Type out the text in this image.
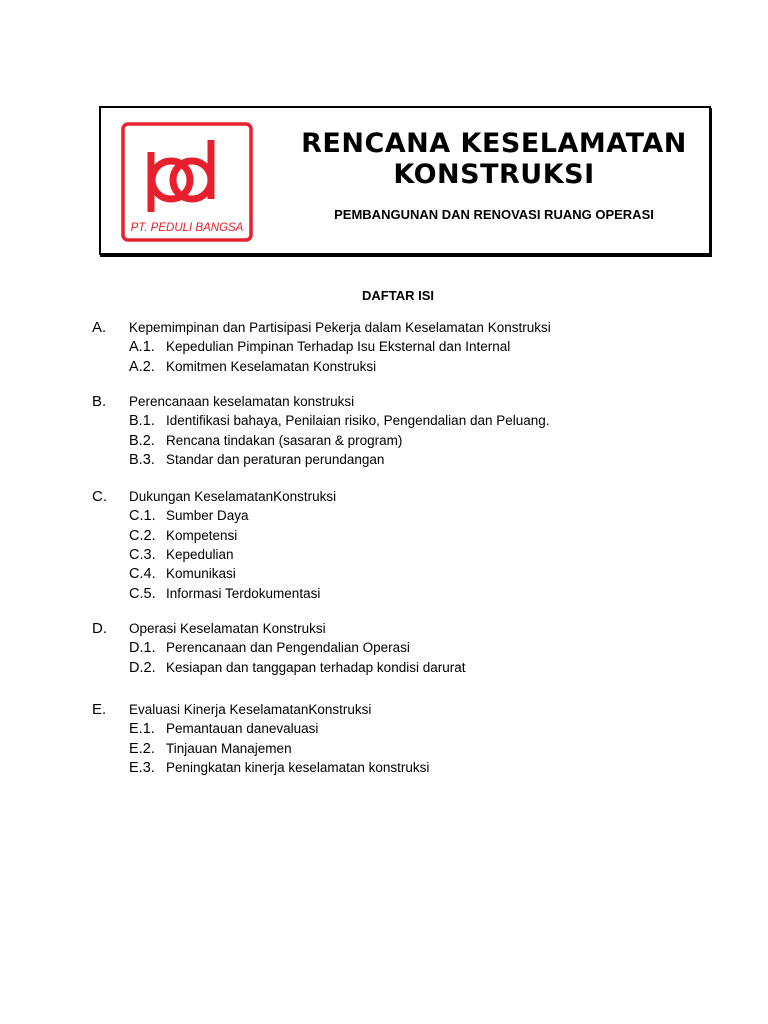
PT. PEDULI BANGSA
RENCANA KESELAMATAN
KONSTRUKSI
PEMBANGUNAN DAN RENOVASI RUANG OPERASI
DAFTAR ISI
A. Kepemimpinan dan Partisipasi Pekerja dalam Keselamatan Konstruksi
A.1. Kepedulian Pimpinan Terhadap Isu Eksternal dan Internal
A.2. Komitmen Keselamatan Konstruksi
B. Perencanaan keselamatan konstruksi
B.1. Identifikasi bahaya, Penilaian risiko, Pengendalian dan Peluang.
B.2. Rencana tindakan (sasaran & program)
B.3. Standar dan peraturan perundangan
C. Dukungan KeselamatanKonstruksi
C.1. Sumber Daya
C.2. Kompetensi
C.3. Kepedulian
C.4. Komunikasi
C.5. Informasi Terdokumentasi
D. Operasi Keselamatan Konstruksi
D.1. Perencanaan dan Pengendalian Operasi
D.2. Kesiapan dan tanggapan terhadap kondisi darurat
E. Evaluasi Kinerja KeselamatanKonstruksi
E.1. Pemantauan danevaluasi
E.2. Tinjauan Manajemen
E.3. Peningkatan kinerja keselamatan konstruksi
